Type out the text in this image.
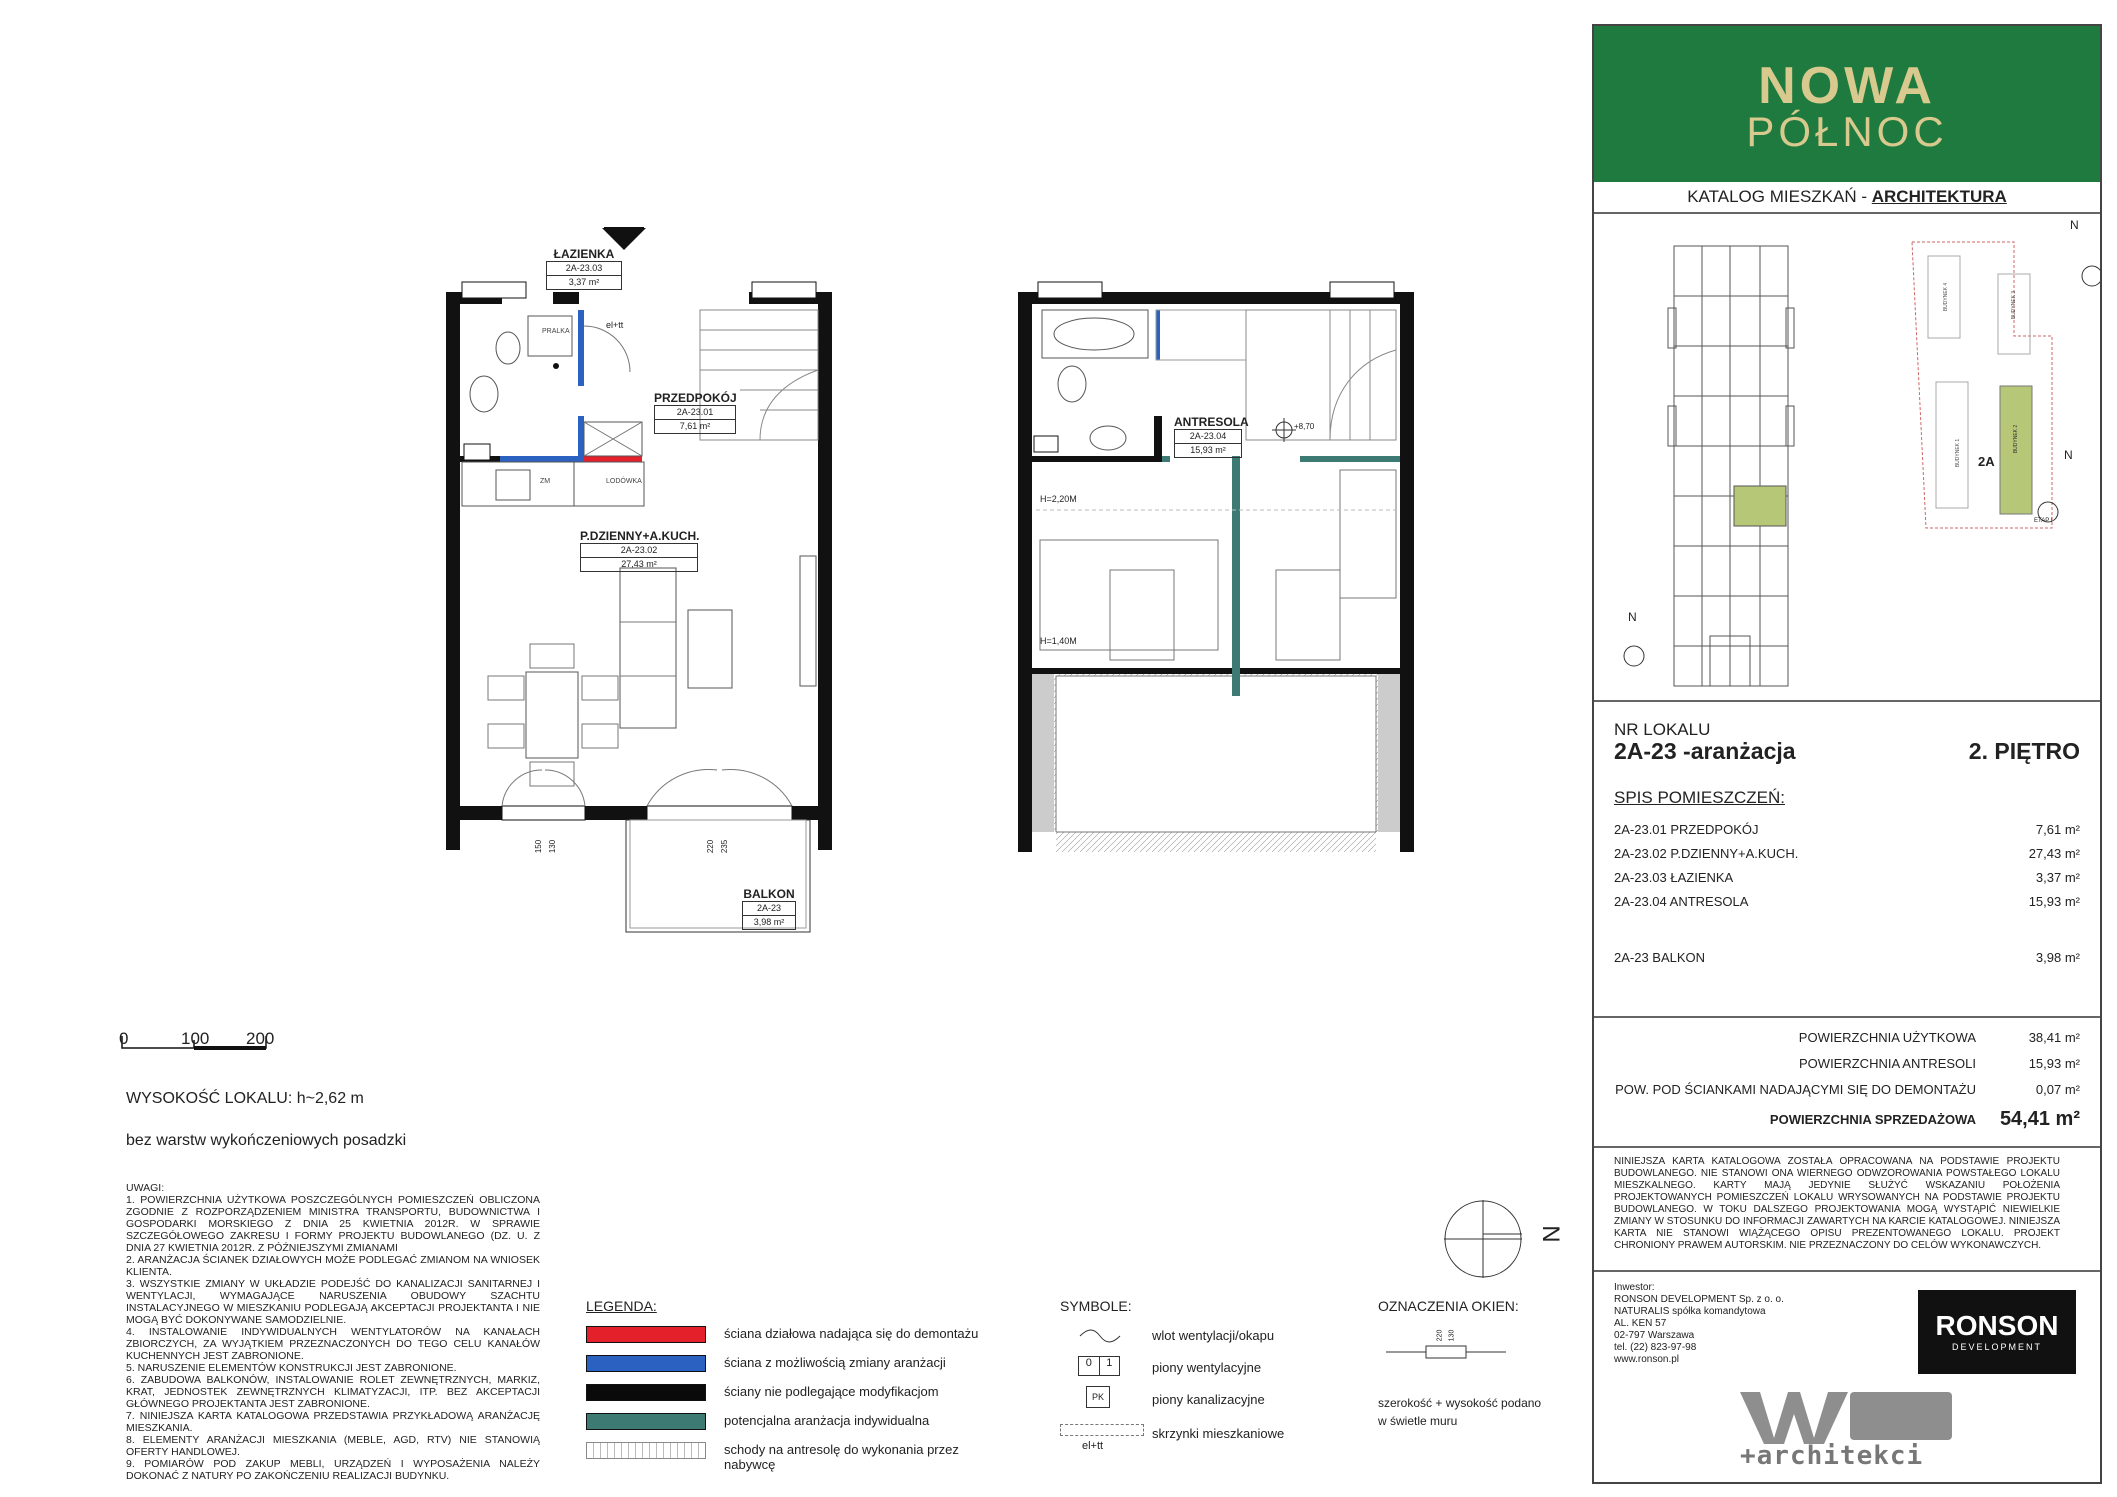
ŁAZIENKA
2A-23.03
3,37 m²
PRZEDPOKÓJ
2A-23.01
7,61 m²
P.DZIENNY+A.KUCH.
2A-23.02
27,43 m²
BALKON
2A-23
3,98 m²
ANTRESOLA
2A-23.04
15,93 m²
PRALKA
el+tt
ZM	LODÓWKA
H=2,20M
H=1,40M
+8,70
150 130	220 235
0	100 200
WYSOKOŚĆ LOKALU: h~2,62 m
bez warstw wykończeniowych posadzki
UWAGI:
1. POWIERZCHNIA UŻYTKOWA POSZCZEGÓLNYCH POMIESZCZEŃ OBLICZONA ZGODNIE Z ROZPORZĄDZENIEM MINISTRA TRANSPORTU, BUDOWNICTWA I GOSPODARKI MORSKIEGO Z DNIA 25 KWIETNIA 2012R. W SPRAWIE SZCZEGÓŁOWEGO ZAKRESU I FORMY PROJEKTU BUDOWLANEGO (DZ. U. Z DNIA 27 KWIETNIA 2012R. Z PÓŹNIEJSZYMI ZMIANAMI
2. ARANŻACJA ŚCIANEK DZIAŁOWYCH MOŻE PODLEGAĆ ZMIANOM NA WNIOSEK KLIENTA.
3. WSZYSTKIE ZMIANY W UKŁADZIE PODEJŚĆ DO KANALIZACJI SANITARNEJ I WENTYLACJI, WYMAGAJĄCE NARUSZENIA OBUDOWY SZACHTU INSTALACYJNEGO W MIESZKANIU PODLEGAJĄ AKCEPTACJI PROJEKTANTA I NIE MOGĄ BYĆ DOKONYWANE SAMODZIELNIE.
4. INSTALOWANIE INDYWIDUALNYCH WENTYLATORÓW NA KANAŁACH ZBIORCZYCH, ZA WYJĄTKIEM PRZEZNACZONYCH DO TEGO CELU KANAŁÓW KUCHENNYCH JEST ZABRONIONE.
5. NARUSZENIE ELEMENTÓW KONSTRUKCJI JEST ZABRONIONE.
6. ZABUDOWA BALKONÓW, INSTALOWANIE ROLET ZEWNĘTRZNYCH, MARKIZ, KRAT, JEDNOSTEK ZEWNĘTRZNYCH KLIMATYZACJI, ITP. BEZ AKCEPTACJI GŁÓWNEGO PROJEKTANTA JEST ZABRONIONE.
7. NINIEJSZA KARTA KATALOGOWA PRZEDSTAWIA PRZYKŁADOWĄ ARANŻACJĘ MIESZKANIA.
8. ELEMENTY ARANŻACJI MIESZKANIA (MEBLE, AGD, RTV) NIE STANOWIĄ OFERTY HANDLOWEJ.
9. POMIARÓW POD ZAKUP MEBLI, URZĄDZEŃ I WYPOSAŻENIA NALEŻY DOKONAĆ Z NATURY PO ZAKOŃCZENIU REALIZACJI BUDYNKU.
LEGENDA:
ściana działowa nadająca się do demontażu
ściana z możliwością zmiany aranżacji
ściany nie podlegające modyfikacjom
potencjalna aranżacja indywidualna
schody na antresolę do wykonania przez nabywcę
SYMBOLE:
wlot wentylacji/okapu
0	1	piony wentylacyjne
PK	piony kanalizacyjne
el+tt
skrzynki mieszkaniowe
OZNACZENIA OKIEN:
220 130
szerokość + wysokość podano
w świetle muru
N
NOWA
PÓŁNOC
KATALOG MIESZKAŃ - ARCHITEKTURA
N
N
N
2A
BUDYNEK 1	BUDYNEK 2
BUDYNEK 3
BUDYNEK 4
ETAP I
NR LOKALU
2A-23 -aranżacja	2. PIĘTRO
SPIS POMIESZCZEŃ:
2A-23.01 PRZEDPOKÓJ	7,61 m²
2A-23.02 P.DZIENNY+A.KUCH.	27,43 m²
2A-23.03 ŁAZIENKA	3,37 m²
2A-23.04 ANTRESOLA	15,93 m²
2A-23 BALKON	3,98 m²
POWIERZCHNIA UŻYTKOWA	38,41 m²
POWIERZCHNIA ANTRESOLI	15,93 m²
POW. POD ŚCIANKAMI NADAJĄCYMI SIĘ DO DEMONTAŻU	0,07 m²
POWIERZCHNIA SPRZEDAŻOWA 54,41 m²
NINIEJSZA KARTA KATALOGOWA ZOSTAŁA OPRACOWANA NA PODSTAWIE PROJEKTU BUDOWLANEGO. NIE STANOWI ONA WIERNEGO ODWZOROWANIA POWSTAŁEGO LOKALU MIESZKALNEGO. KARTY MAJĄ JEDYNIE SŁUŻYĆ WSKAZANIU POŁOŻENIA PROJEKTOWANYCH POMIESZCZEŃ LOKALU WRYSOWANYCH NA PODSTAWIE PROJEKTU BUDOWLANEGO. W TOKU DALSZEGO PROJEKTOWANIA MOGĄ WYSTĄPIĆ NIEWIELKIE ZMIANY W STOSUNKU DO INFORMACJI ZAWARTYCH NA KARCIE KATALOGOWEJ. NINIEJSZA KARTA NIE STANOWI WIĄŻĄCEGO OPISU PREZENTOWANEGO LOKALU. PROJEKT CHRONIONY PRAWEM AUTORSKIM. NIE PRZEZNACZONY DO CELÓW WYKONAWCZYCH.
Inwestor:
RONSON DEVELOPMENT Sp. z o. o.
NATURALIS spółka komandytowa
AL. KEN 57
02-797 Warszawa
tel. (22) 823-97-98
www.ronson.pl
RONSON
DEVELOPMENT
+architekci
